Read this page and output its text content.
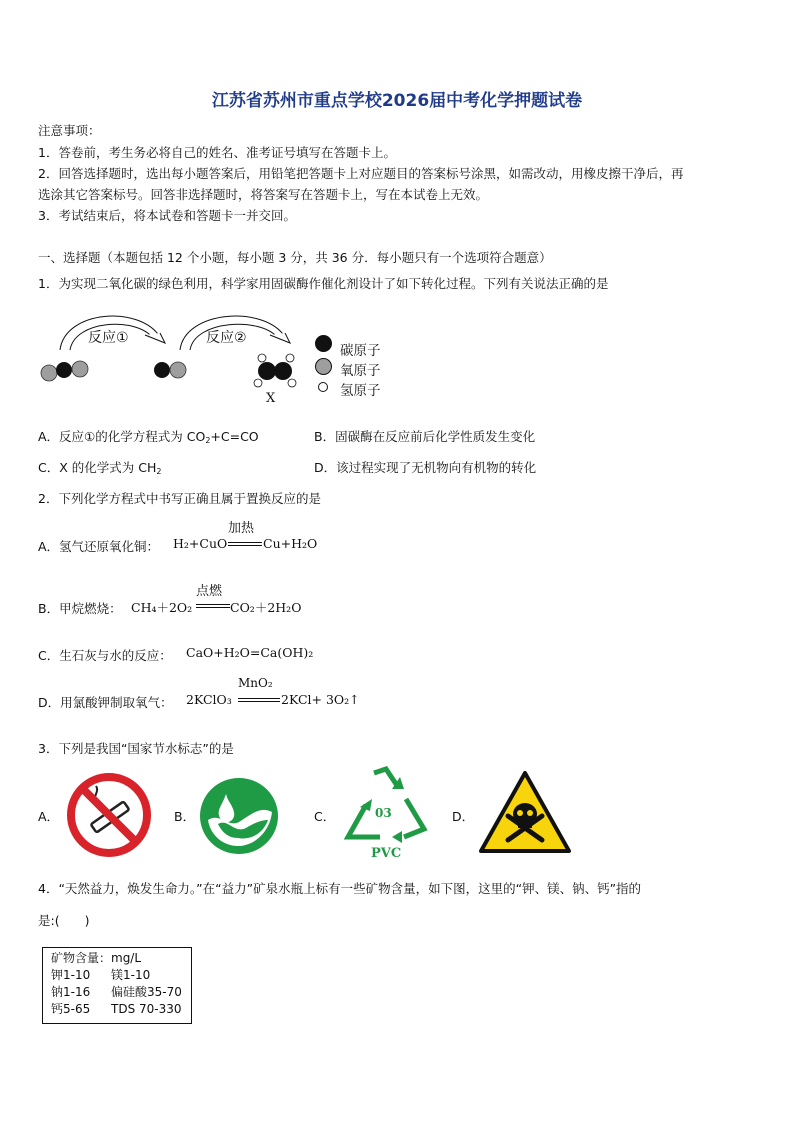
江苏省苏州市重点学校2026届中考化学押题试卷
注意事项：
1．答卷前，考生务必将自己的姓名、准考证号填写在答题卡上。
2．回答选择题时，选出每小题答案后，用铅笔把答题卡上对应题目的答案标号涂黑，如需改动，用橡皮擦干净后，再
选涂其它答案标号。回答非选择题时，将答案写在答题卡上，写在本试卷上无效。
3．考试结束后，将本试卷和答题卡一并交回。
一、选择题（本题包括 12 个小题，每小题 3 分，共 36 分．每小题只有一个选项符合题意）
1．为实现二氧化碳的绿色利用，科学家用固碳酶作催化剂设计了如下转化过程。下列有关说法正确的是
反应①	反应②
X
碳原子
氧原子
氢原子
A．反应①的化学方程式为 $CO_2+C=CO$	B．固碳酶在反应前后化学性质发生变化
C．X 的化学式为 $CH_2$	D．该过程实现了无机物向有机物的转化
2．下列化学方程式中书写正确且属于置换反应的是
A．氢气还原氧化铜： H₂+CuO
加热
Cu+H₂O
B．甲烷燃烧： CH₄＋2O₂
点燃
CO₂＋2H₂O
C．生石灰与水的反应： CaO+H₂O=Ca(OH)₂
D．用氯酸钾制取氧气： 2KClO₃
MnO₂
2KCl+ 3O₂↑
3．下列是我国“国家节水标志”的是
A．	B．	C．	03
PVC
D．
4．“天然益力，焕发生命力。”在“益力”矿泉水瓶上标有一些矿物含量，如下图，这里的“钾、镁、钠、钙”指的
是:(　　)
矿物含量：mg/L
钾1-10	镁1-10
钠1-16	偏硅酸35-70
钙5-65	TDS 70-330
